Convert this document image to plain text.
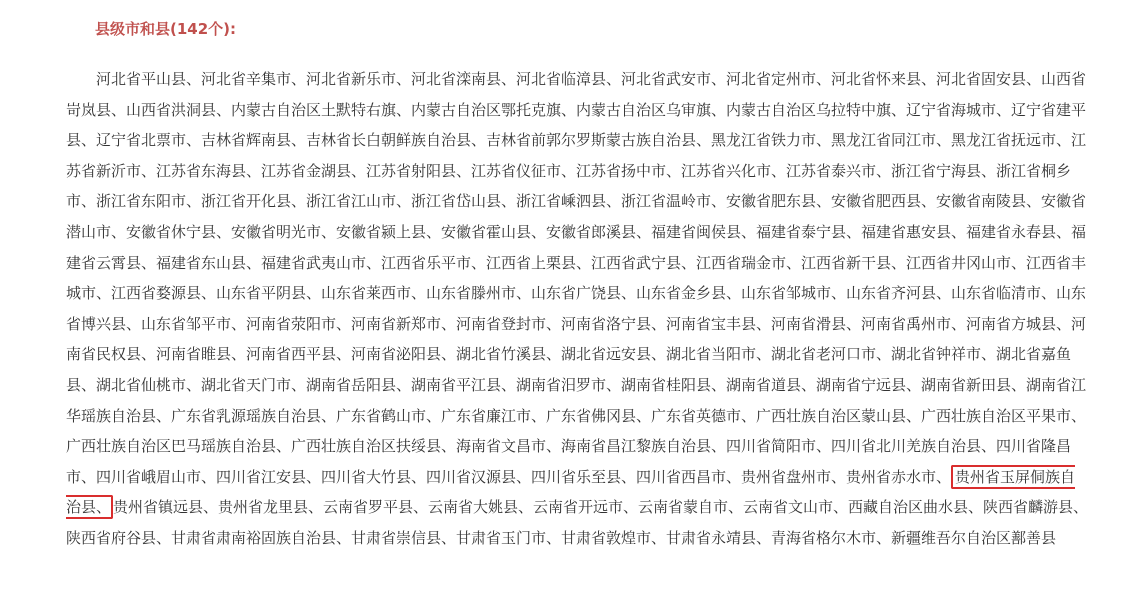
县级市和县(142个):

河北省平山县、河北省辛集市、河北省新乐市、河北省滦南县、河北省临漳县、河北省武安市、河北省定州市、河北省怀来县、河北省固安县、山西省岢岚县、山西省洪洞县、内蒙古自治区土默特右旗、内蒙古自治区鄂托克旗、内蒙古自治区乌审旗、内蒙古自治区乌拉特中旗、辽宁省海城市、辽宁省建平县、辽宁省北票市、吉林省辉南县、吉林省长白朝鲜族自治县、吉林省前郭尔罗斯蒙古族自治县、黑龙江省铁力市、黑龙江省同江市、黑龙江省抚远市、江苏省新沂市、江苏省东海县、江苏省金湖县、江苏省射阳县、江苏省仪征市、江苏省扬中市、江苏省兴化市、江苏省泰兴市、浙江省宁海县、浙江省桐乡市、浙江省东阳市、浙江省开化县、浙江省江山市、浙江省岱山县、浙江省嵊泗县、浙江省温岭市、安徽省肥东县、安徽省肥西县、安徽省南陵县、安徽省潜山市、安徽省休宁县、安徽省明光市、安徽省颍上县、安徽省霍山县、安徽省郎溪县、福建省闽侯县、福建省泰宁县、福建省惠安县、福建省永春县、福建省云霄县、福建省东山县、福建省武夷山市、江西省乐平市、江西省上栗县、江西省武宁县、江西省瑞金市、江西省新干县、江西省井冈山市、江西省丰城市、江西省婺源县、山东省平阴县、山东省莱西市、山东省滕州市、山东省广饶县、山东省金乡县、山东省邹城市、山东省齐河县、山东省临清市、山东省博兴县、山东省邹平市、河南省荥阳市、河南省新郑市、河南省登封市、河南省洛宁县、河南省宝丰县、河南省滑县、河南省禹州市、河南省方城县、河南省民权县、河南省睢县、河南省西平县、河南省泌阳县、湖北省竹溪县、湖北省远安县、湖北省当阳市、湖北省老河口市、湖北省钟祥市、湖北省嘉鱼县、湖北省仙桃市、湖北省天门市、湖南省岳阳县、湖南省平江县、湖南省汨罗市、湖南省桂阳县、湖南省道县、湖南省宁远县、湖南省新田县、湖南省江华瑶族自治县、广东省乳源瑶族自治县、广东省鹤山市、广东省廉江市、广东省佛冈县、广东省英德市、广西壮族自治区蒙山县、广西壮族自治区平果市、广西壮族自治区巴马瑶族自治县、广西壮族自治区扶绥县、海南省文昌市、海南省昌江黎族自治县、四川省简阳市、四川省北川羌族自治县、四川省隆昌市、四川省峨眉山市、四川省江安县、四川省大竹县、四川省汉源县、四川省乐至县、四川省西昌市、贵州省盘州市、贵州省赤水市、 贵州省玉屏侗族自治县、 贵州省镇远县、贵州省龙里县、云南省罗平县、云南省大姚县、云南省开远市、云南省蒙自市、云南省文山市、西藏自治区曲水县、陕西省麟游县、陕西省府谷县、甘肃省肃南裕固族自治县、甘肃省崇信县、甘肃省玉门市、甘肃省敦煌市、甘肃省永靖县、青海省格尔木市、新疆维吾尔自治区鄯善县
